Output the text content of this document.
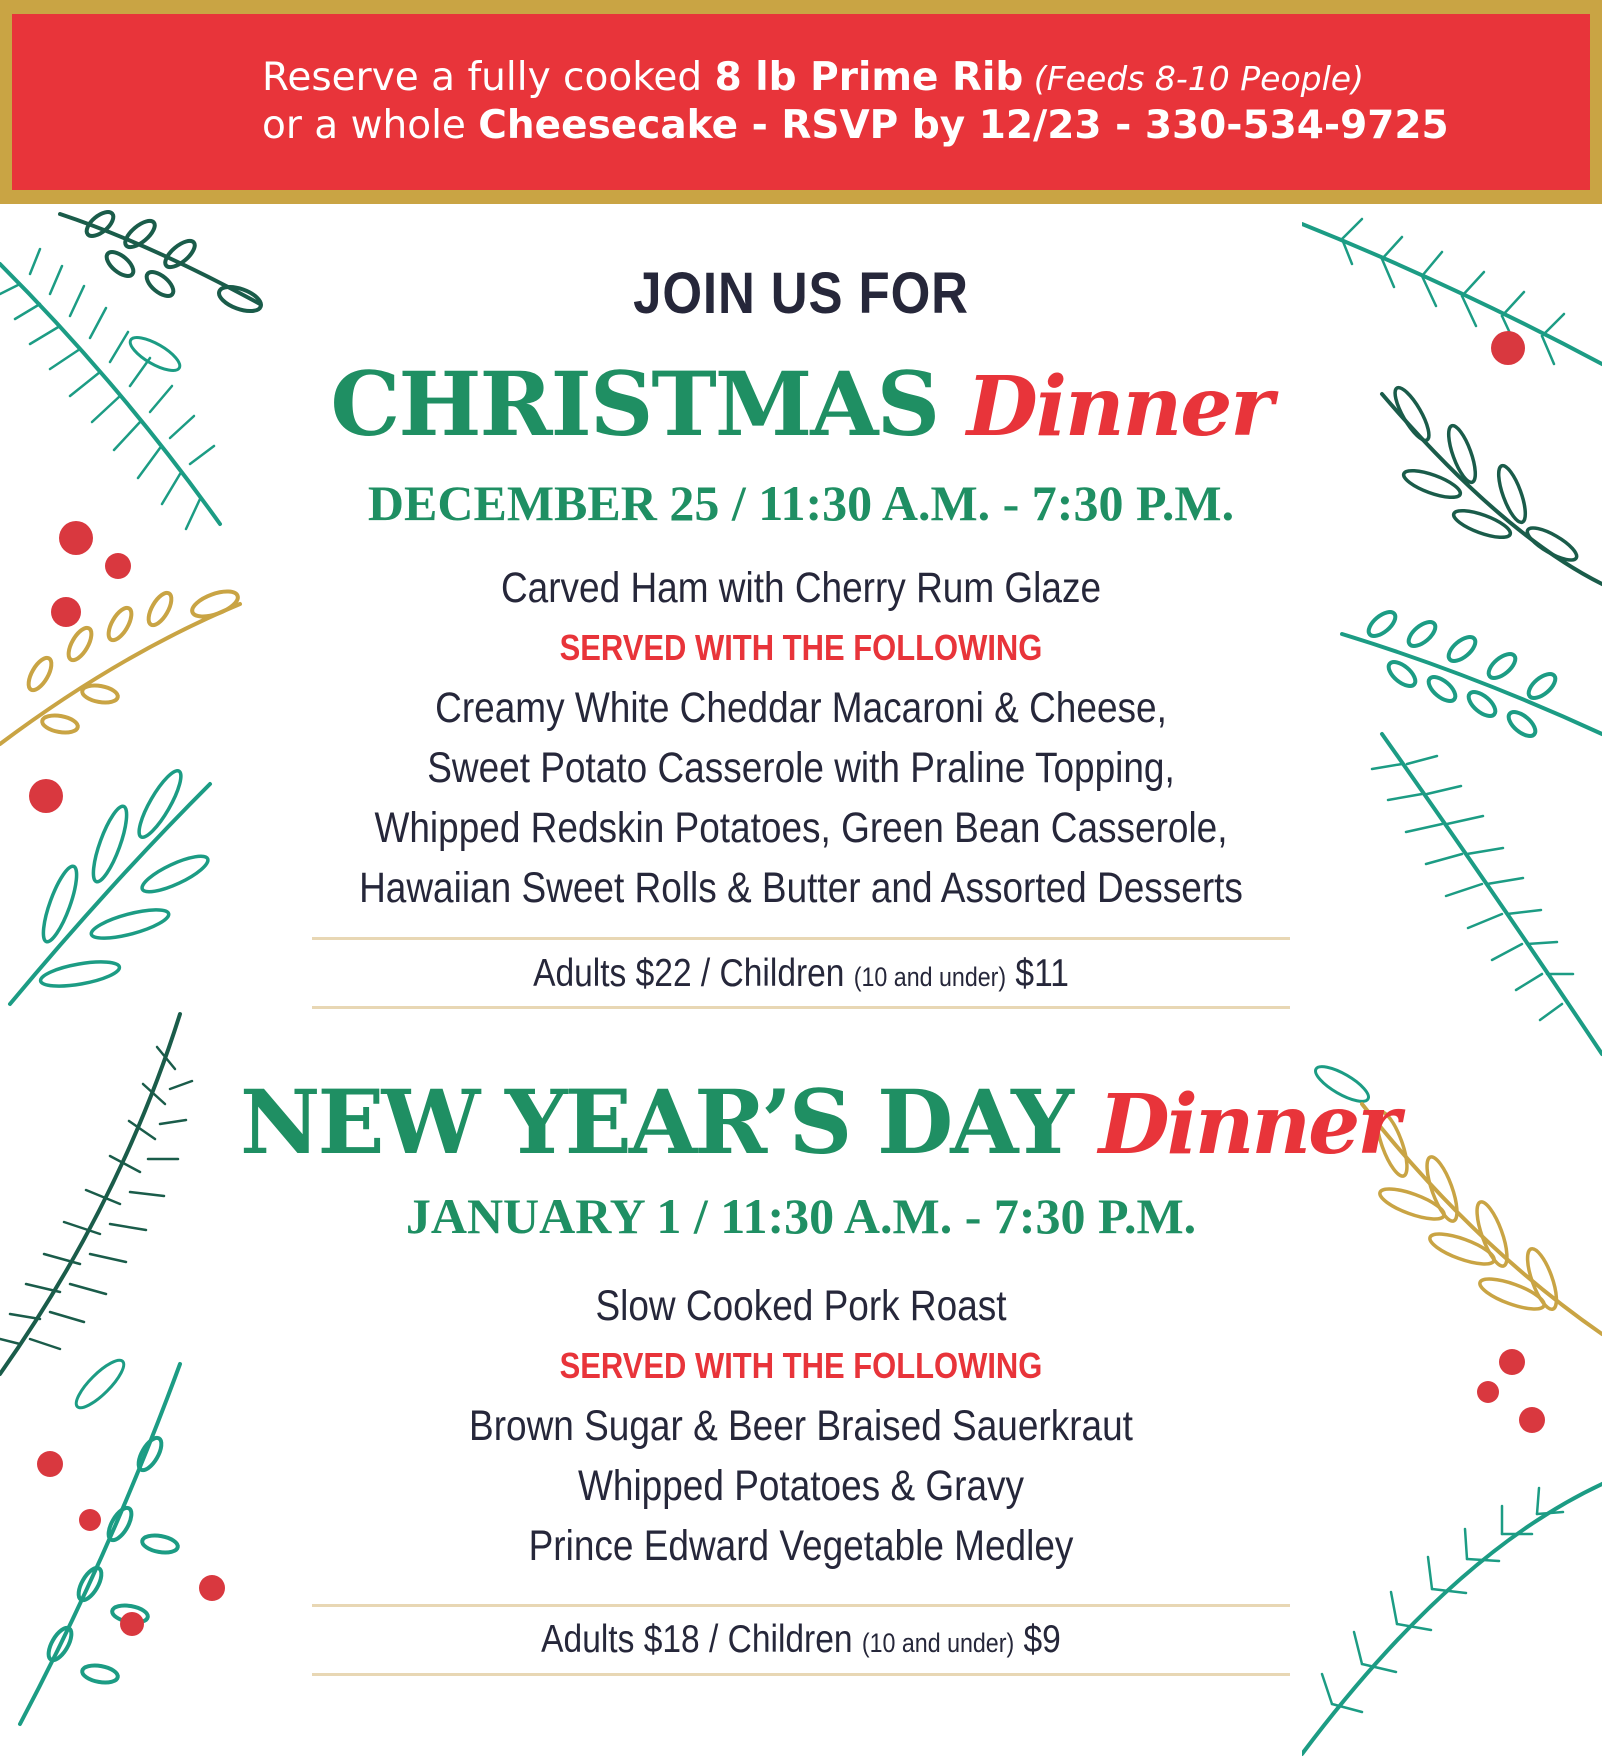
Reserve a fully cooked 8 lb Prime Rib (Feeds 8-10 People)
or a whole Cheesecake - RSVP by 12/23 - 330-534-9725
JOIN US FOR
CHRISTMAS Dinner
DECEMBER 25 / 11:30 A.M. - 7:30 P.M.
Carved Ham with Cherry Rum Glaze
SERVED WITH THE FOLLOWING
Creamy White Cheddar Macaroni & Cheese,
Sweet Potato Casserole with Praline Topping,
Whipped Redskin Potatoes, Green Bean Casserole,
Hawaiian Sweet Rolls & Butter and Assorted Desserts
Adults $22 / Children (10 and under) $11
NEW YEAR’S DAY Dinner
JANUARY 1 / 11:30 A.M. - 7:30 P.M.
Slow Cooked Pork Roast
SERVED WITH THE FOLLOWING
Brown Sugar & Beer Braised Sauerkraut
Whipped Potatoes & Gravy
Prince Edward Vegetable Medley
Adults $18 / Children (10 and under) $9
